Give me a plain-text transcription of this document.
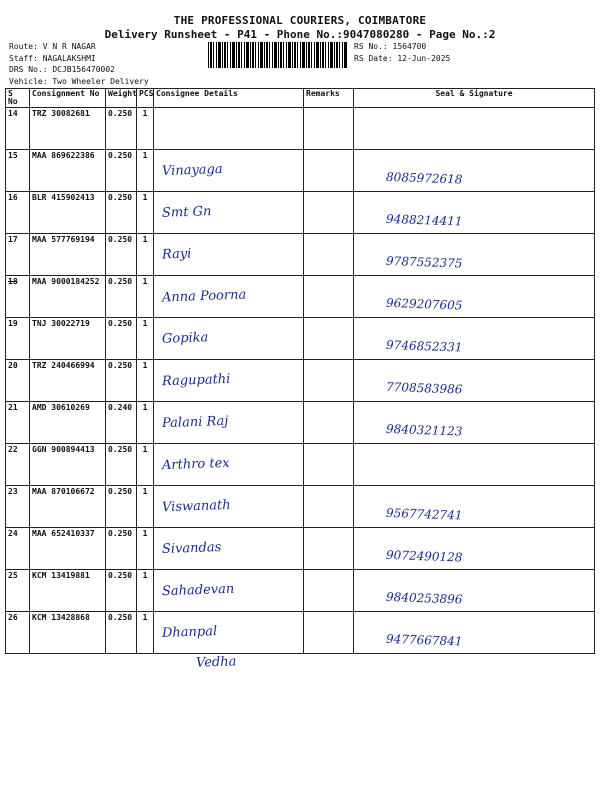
THE PROFESSIONAL COURIERS, COIMBATORE
Delivery Runsheet - P41 - Phone No.:9047080280 - Page No.:2
Route: V N R NAGAR
Staff: NAGALAKSHMI
DRS No.: DCJB156470002
Vehicle: Two Wheeler Delivery
RS No.: 1564700
RS Date: 12-Jun-2025
S No	Consignment No	Weight	PCS	Consignee Details	Remarks	Seal & Signature
14	TRZ 30082681	0.250	1			

15	MAA 869622386	0.250	1	Vinayaga		8085972618

16	BLR 415902413	0.250	1	Smt Gn		9488214411

17	MAA 577769194	0.250	1	Rayi		9787552375

18	MAA 9000184252	0.250	1	Anna Poorna		9629207605

19	TNJ 30022719	0.250	1	Gopika		9746852331

20	TRZ 240466994	0.250	1	Ragupathi		7708583986

21	AMD 30610269	0.240	1	Palani Raj		9840321123

22	GGN 900894413	0.250	1	Arthro tex		

23	MAA 870106672	0.250	1	Viswanath		9567742741

24	MAA 652410337	0.250	1	Sivandas		9072490128

25	KCM 13419881	0.250	1	Sahadevan		9840253896

26	KCM 13428868	0.250	1	Dhanpal		9477667841

				Vedha		
